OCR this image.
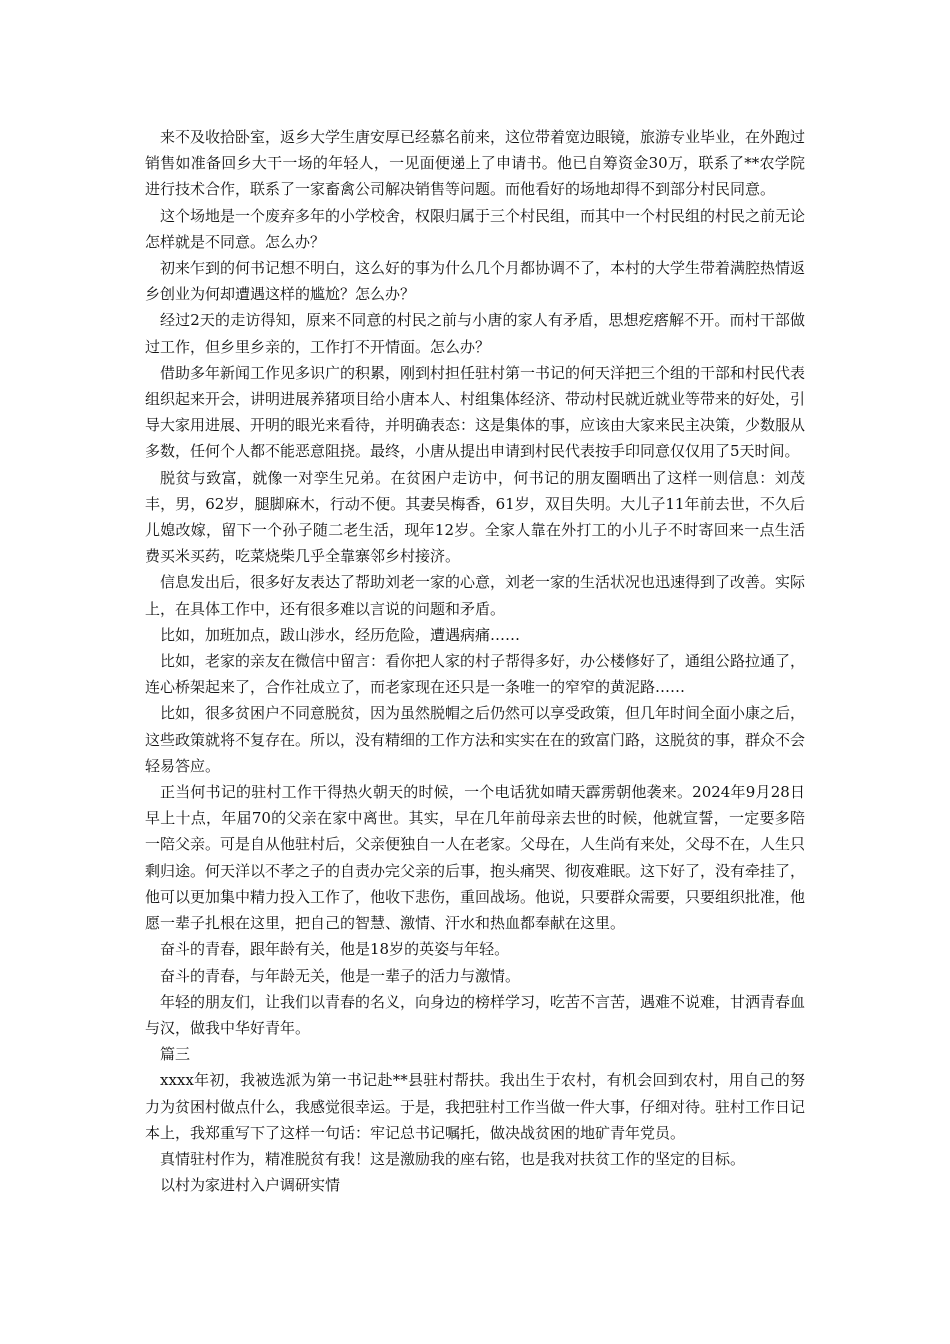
来不及收拾卧室，返乡大学生唐安厚已经慕名前来，这位带着宽边眼镜，旅游专业毕业，在外跑过销售如准备回乡大干一场的年轻人，一见面便递上了申请书。他已自筹资金30万，联系了**农学院进行技术合作，联系了一家畜禽公司解决销售等问题。而他看好的场地却得不到部分村民同意。

这个场地是一个废弃多年的小学校舍，权限归属于三个村民组，而其中一个村民组的村民之前无论怎样就是不同意。怎么办？

初来乍到的何书记想不明白，这么好的事为什么几个月都协调不了，本村的大学生带着满腔热情返乡创业为何却遭遇这样的尴尬？怎么办？

经过2天的走访得知，原来不同意的村民之前与小唐的家人有矛盾，思想疙瘩解不开。而村干部做过工作，但乡里乡亲的，工作打不开情面。怎么办？

借助多年新闻工作见多识广的积累，刚到村担任驻村第一书记的何天洋把三个组的干部和村民代表组织起来开会，讲明进展养猪项目给小唐本人、村组集体经济、带动村民就近就业等带来的好处，引导大家用进展、开明的眼光来看待，并明确表态：这是集体的事，应该由大家来民主决策，少数服从多数，任何个人都不能恶意阻挠。最终，小唐从提出申请到村民代表按手印同意仅仅用了5天时间。

脱贫与致富，就像一对孪生兄弟。在贫困户走访中，何书记的朋友圈晒出了这样一则信息：刘茂丰，男，62岁，腿脚麻木，行动不便。其妻吴梅香，61岁，双目失明。大儿子11年前去世，不久后儿媳改嫁，留下一个孙子随二老生活，现年12岁。全家人靠在外打工的小儿子不时寄回来一点生活费买米买药，吃菜烧柴几乎全靠寨邻乡村接济。

信息发出后，很多好友表达了帮助刘老一家的心意，刘老一家的生活状况也迅速得到了改善。实际上，在具体工作中，还有很多难以言说的问题和矛盾。

比如，加班加点，跋山涉水，经历危险，遭遇病痛……

比如，老家的亲友在微信中留言：看你把人家的村子帮得多好，办公楼修好了，通组公路拉通了，连心桥架起来了，合作社成立了，而老家现在还只是一条唯一的窄窄的黄泥路……

比如，很多贫困户不同意脱贫，因为虽然脱帽之后仍然可以享受政策，但几年时间全面小康之后，这些政策就将不复存在。所以，没有精细的工作方法和实实在在的致富门路，这脱贫的事，群众不会轻易答应。

正当何书记的驻村工作干得热火朝天的时候，一个电话犹如晴天霹雳朝他袭来。2024年9月28日早上十点，年届70的父亲在家中离世。其实，早在几年前母亲去世的时候，他就宣誓，一定要多陪一陪父亲。可是自从他驻村后，父亲便独自一人在老家。父母在，人生尚有来处，父母不在，人生只剩归途。何天洋以不孝之子的自责办完父亲的后事，抱头痛哭、彻夜难眠。这下好了，没有牵挂了，他可以更加集中精力投入工作了，他收下悲伤，重回战场。他说，只要群众需要，只要组织批准，他愿一辈子扎根在这里，把自己的智慧、激情、汗水和热血都奉献在这里。

奋斗的青春，跟年龄有关，他是18岁的英姿与年轻。

奋斗的青春，与年龄无关，他是一辈子的活力与激情。

年轻的朋友们，让我们以青春的名义，向身边的榜样学习，吃苦不言苦，遇难不说难，甘洒青春血与汉，做我中华好青年。

篇三

xxxx年初，我被选派为第一书记赴**县驻村帮扶。我出生于农村，有机会回到农村，用自己的努力为贫困村做点什么，我感觉很幸运。于是，我把驻村工作当做一件大事，仔细对待。驻村工作日记本上，我郑重写下了这样一句话：牢记总书记嘱托，做决战贫困的地矿青年党员。

真情驻村作为，精准脱贫有我！这是激励我的座右铭，也是我对扶贫工作的坚定的目标。

以村为家进村入户调研实情
